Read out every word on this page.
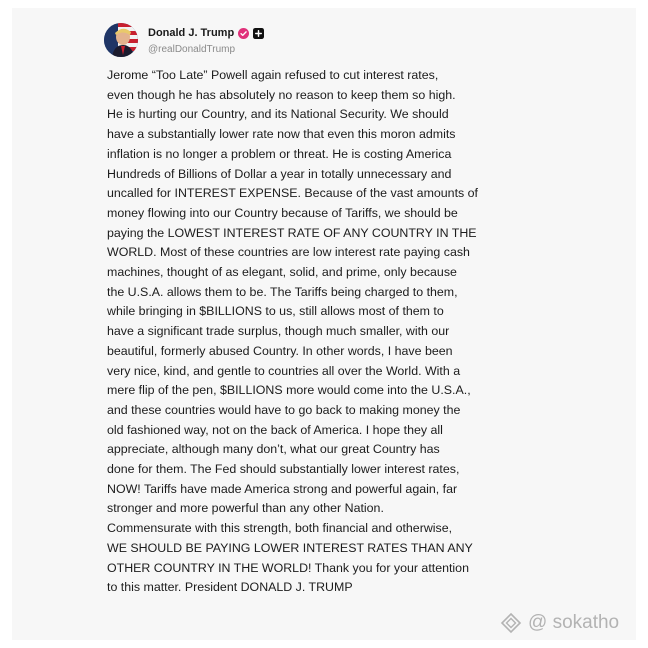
Donald J. Trump
@realDonaldTrump

Jerome “Too Late” Powell again refused to cut interest rates,
even though he has absolutely no reason to keep them so high.
He is hurting our Country, and its National Security. We should
have a substantially lower rate now that even this moron admits
inflation is no longer a problem or threat. He is costing America
Hundreds of Billions of Dollar a year in totally unnecessary and
uncalled for INTEREST EXPENSE. Because of the vast amounts of
money flowing into our Country because of Tariffs, we should be
paying the LOWEST INTEREST RATE OF ANY COUNTRY IN THE
WORLD. Most of these countries are low interest rate paying cash
machines, thought of as elegant, solid, and prime, only because
the U.S.A. allows them to be. The Tariffs being charged to them,
while bringing in $BILLIONS to us, still allows most of them to
have a significant trade surplus, though much smaller, with our
beautiful, formerly abused Country. In other words, I have been
very nice, kind, and gentle to countries all over the World. With a
mere flip of the pen, $BILLIONS more would come into the U.S.A.,
and these countries would have to go back to making money the
old fashioned way, not on the back of America. I hope they all
appreciate, although many don’t, what our great Country has
done for them. The Fed should substantially lower interest rates,
NOW! Tariffs have made America strong and powerful again, far
stronger and more powerful than any other Nation.
Commensurate with this strength, both financial and otherwise,
WE SHOULD BE PAYING LOWER INTEREST RATES THAN ANY
OTHER COUNTRY IN THE WORLD! Thank you for your attention
to this matter. President DONALD J. TRUMP

@ sokatho
